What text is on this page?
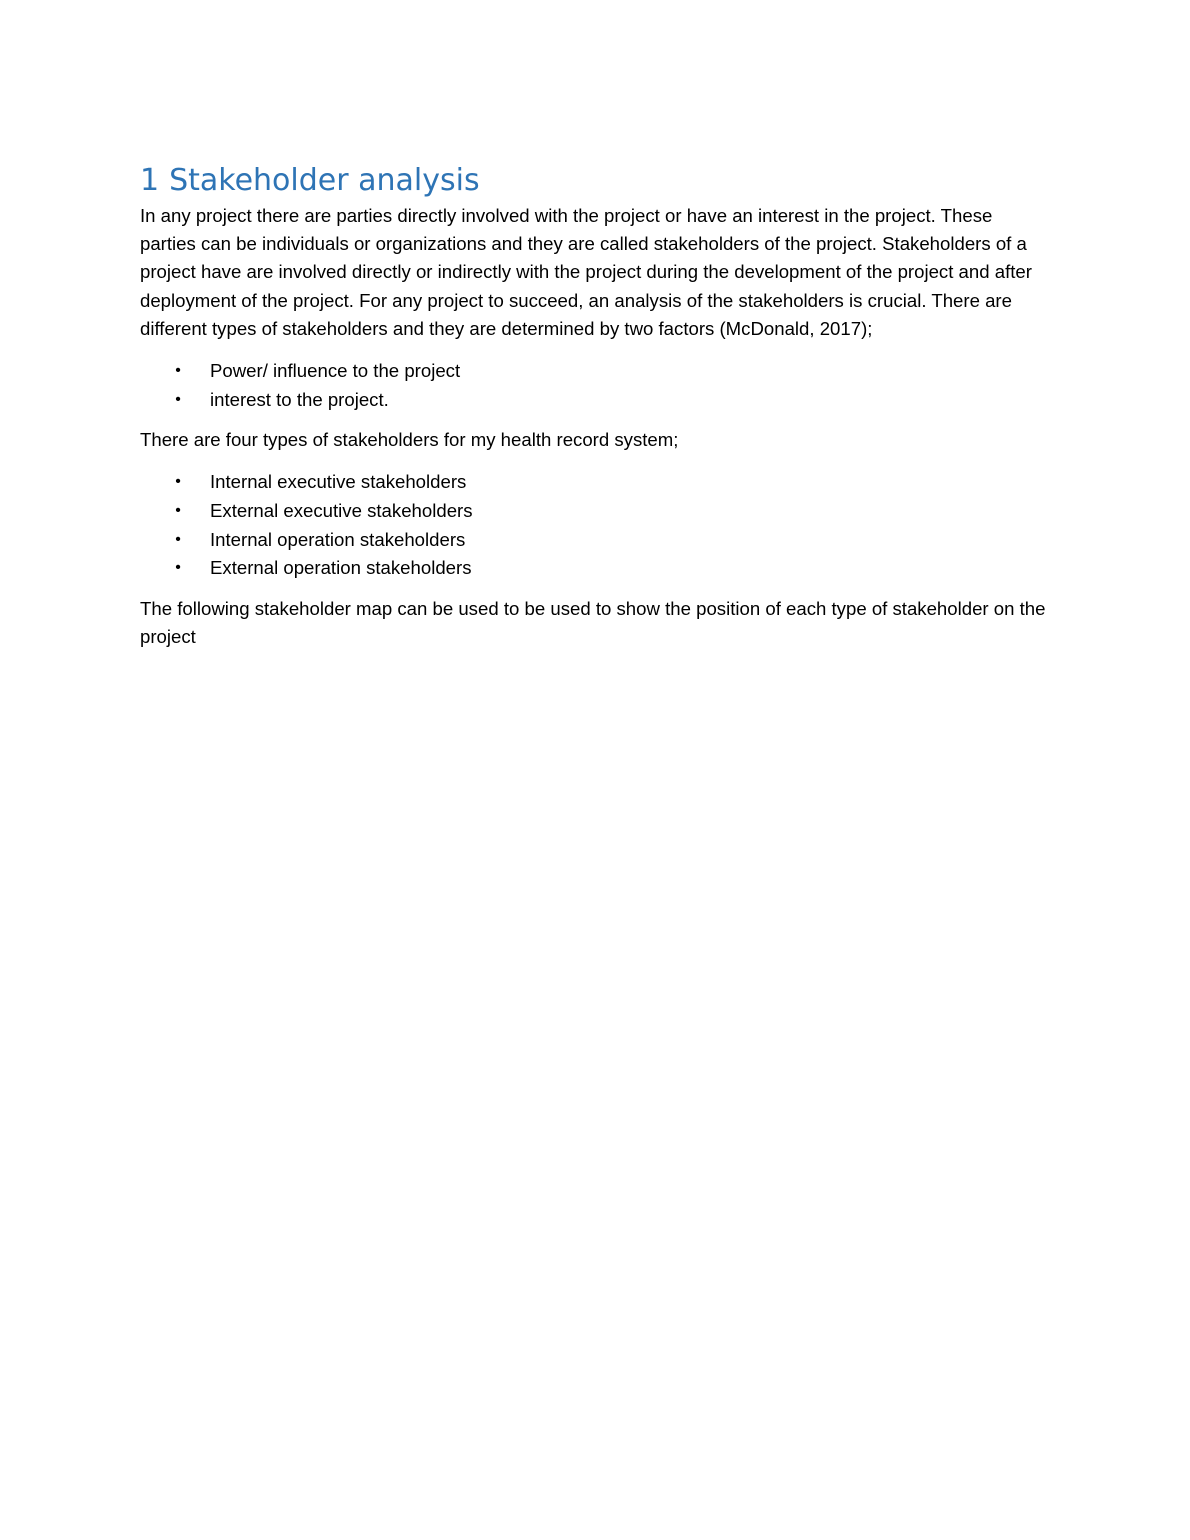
1 Stakeholder analysis

In any project there are parties directly involved with the project or have an interest in the project. These parties can be individuals or organizations and they are called stakeholders of the project. Stakeholders of a project have are involved directly or indirectly with the project during the development of the project and after deployment of the project. For any project to succeed, an analysis of the stakeholders is crucial. There are different types of stakeholders and they are determined by two factors (McDonald, 2017);

• Power/ influence to the project
• interest to the project.

There are four types of stakeholders for my health record system;

• Internal executive stakeholders
• External executive stakeholders
• Internal operation stakeholders
• External operation stakeholders

The following stakeholder map can be used to be used to show the position of each type of stakeholder on the project
